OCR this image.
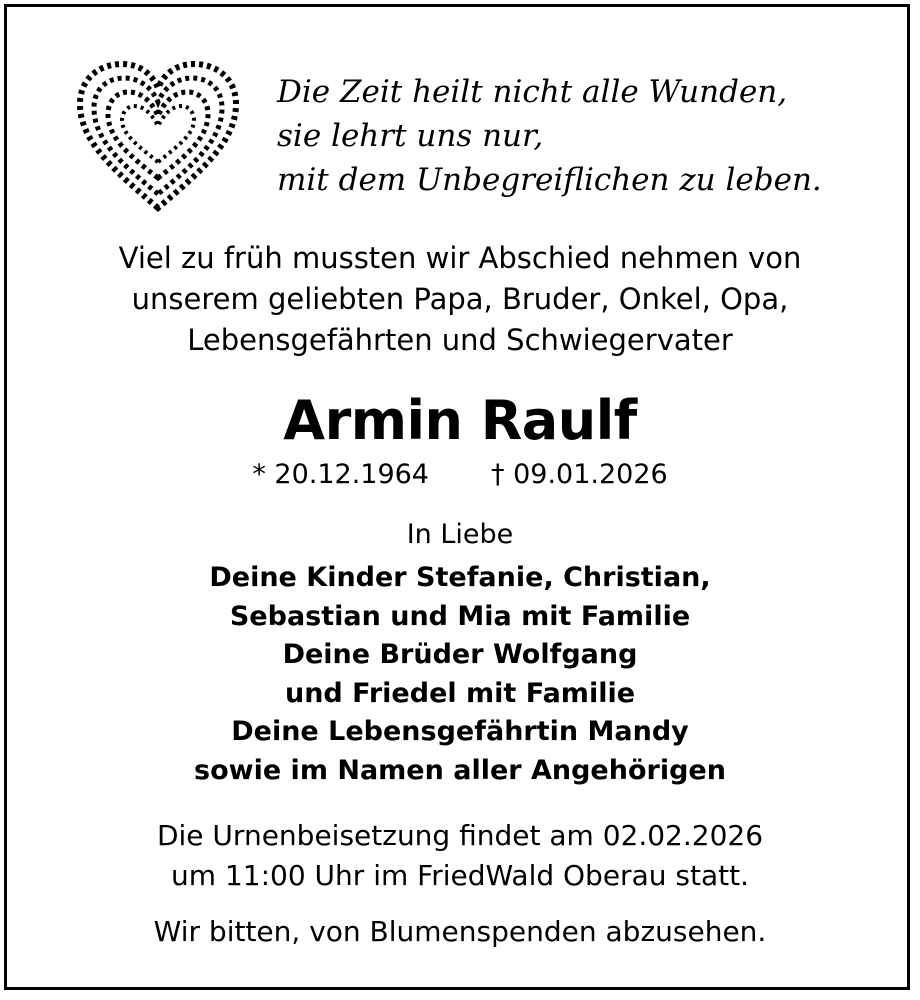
Die Zeit heilt nicht alle Wunden,
sie lehrt uns nur,
mit dem Unbegreiflichen zu leben.
Viel zu früh mussten wir Abschied nehmen von
unserem geliebten Papa, Bruder, Onkel, Opa,
Lebensgefährten und Schwiegervater
Armin Raulf
* 20.12.1964 † 09.01.2026
In Liebe
Deine Kinder Stefanie, Christian,
Sebastian und Mia mit Familie
Deine Brüder Wolfgang
und Friedel mit Familie
Deine Lebensgefährtin Mandy
sowie im Namen aller Angehörigen
Die Urnenbeisetzung findet am 02.02.2026
um 11:00 Uhr im FriedWald Oberau statt.
Wir bitten, von Blumenspenden abzusehen.
